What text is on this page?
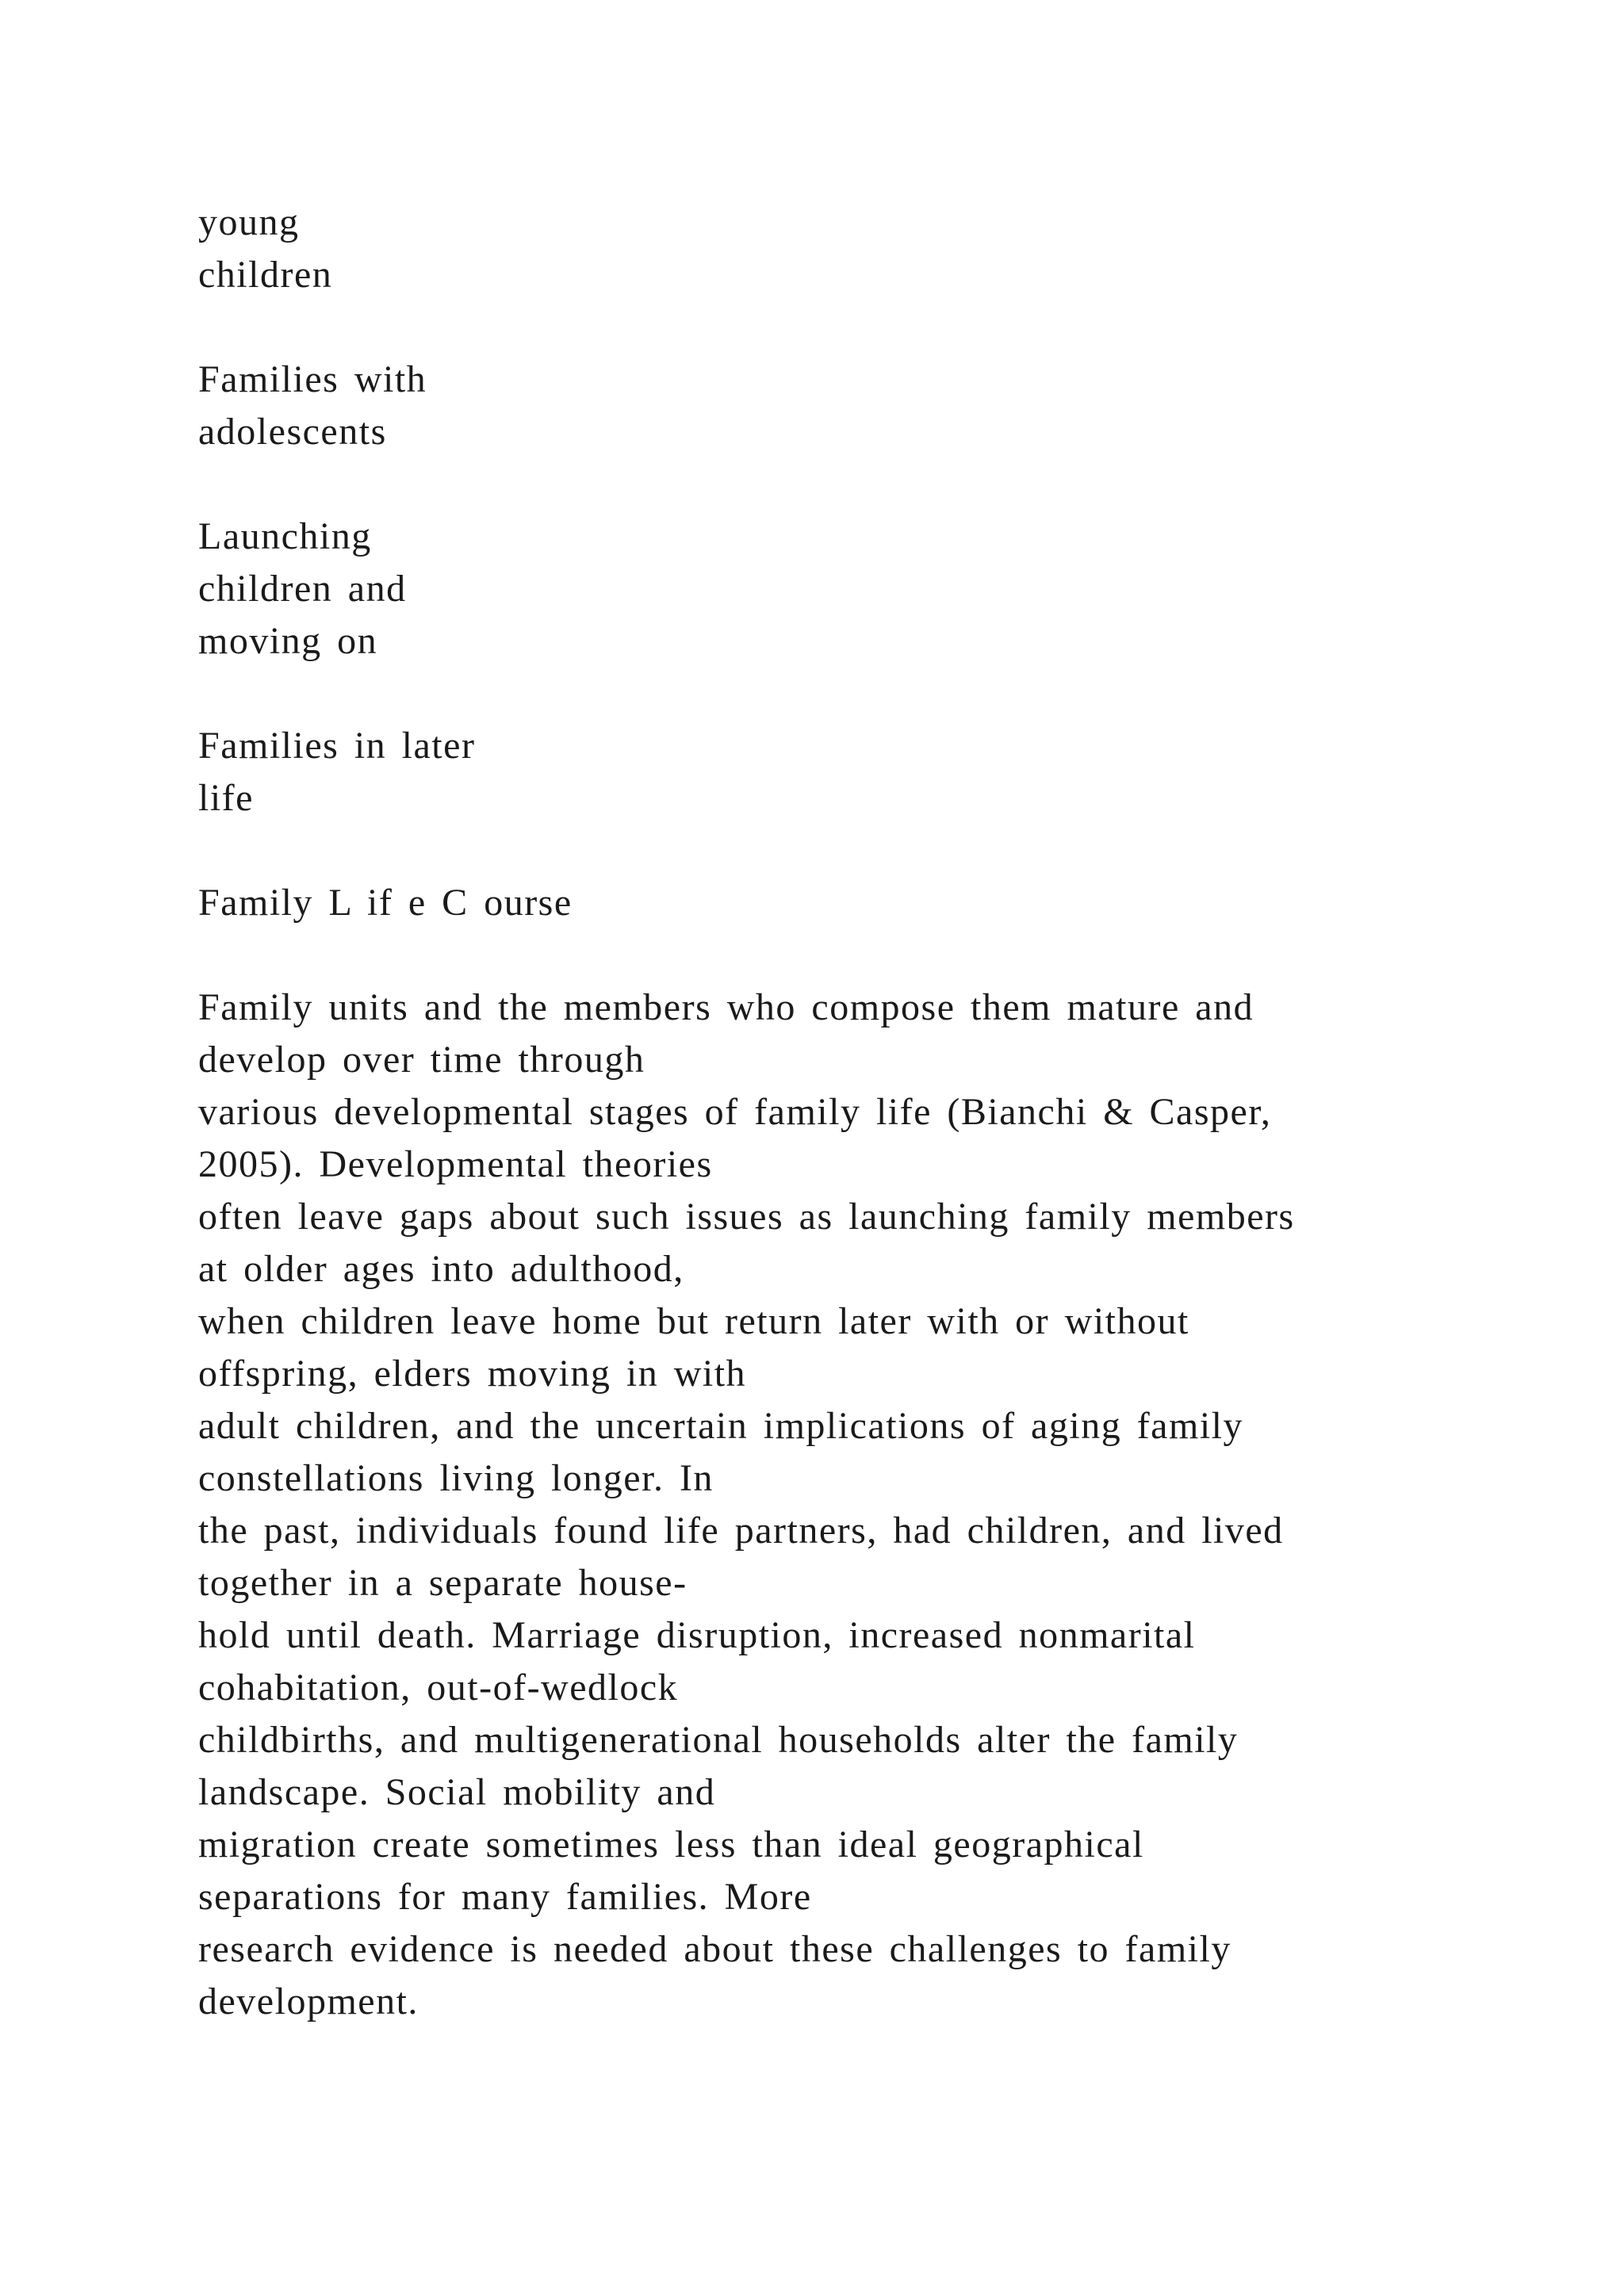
young
children
Families with
adolescents
Launching
children and
moving on
Families in later
life
Family L if e C ourse
Family units and the members who compose them mature and
develop over time through
various developmental stages of family life (Bianchi & Casper,
2005). Developmental theories
often leave gaps about such issues as launching family members
at older ages into adulthood,
when children leave home but return later with or without
offspring, elders moving in with
adult children, and the uncertain implications of aging family
constellations living longer. In
the past, individuals found life partners, had children, and lived
together in a separate house-
hold until death. Marriage disruption, increased nonmarital
cohabitation, out-of-wedlock
childbirths, and multigenerational households alter the family
landscape. Social mobility and
migration create sometimes less than ideal geographical
separations for many families. More
research evidence is needed about these challenges to family
development.
